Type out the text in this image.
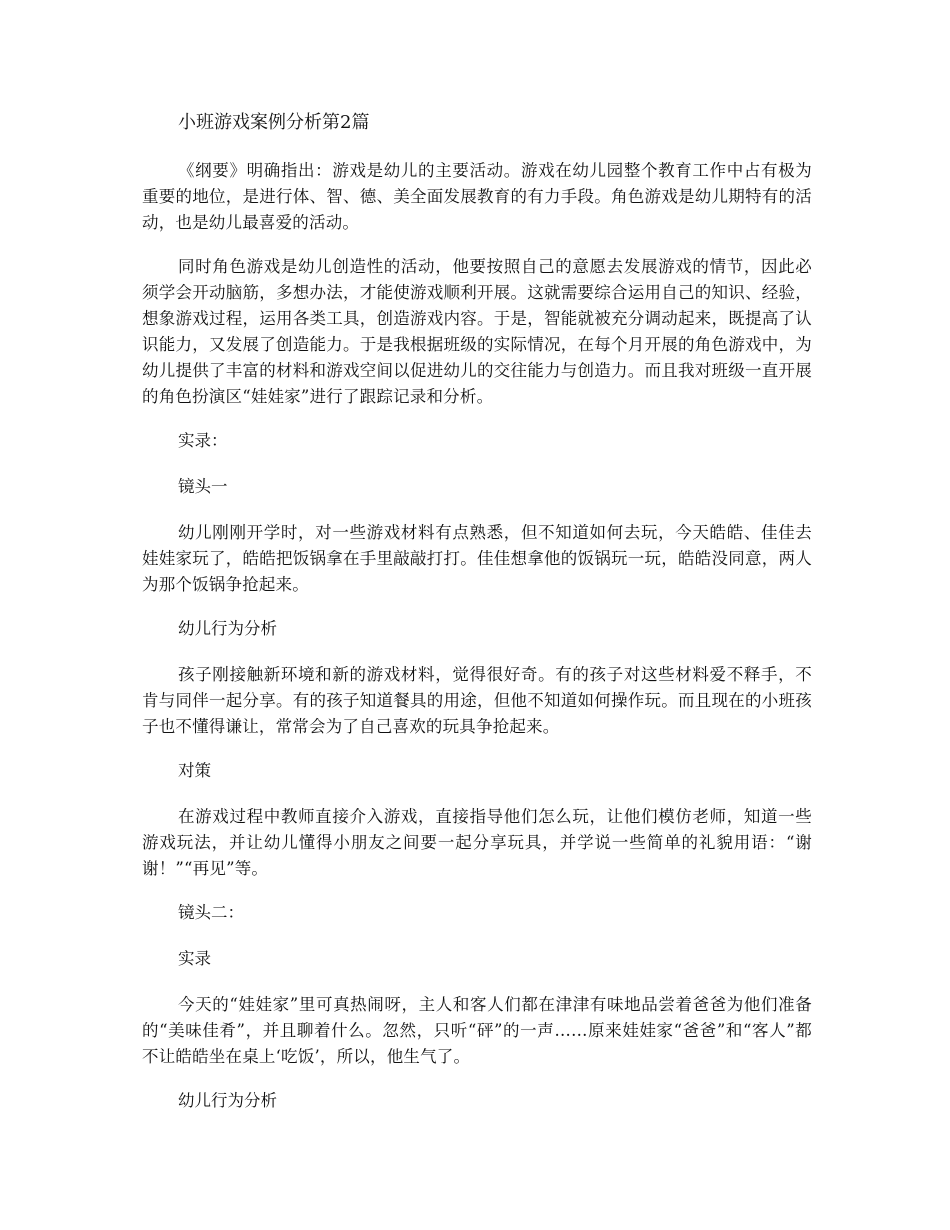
小班游戏案例分析第2篇

《纲要》明确指出：游戏是幼儿的主要活动。游戏在幼儿园整个教育工作中占有极为重要的地位，是进行体、智、德、美全面发展教育的有力手段。角色游戏是幼儿期特有的活动，也是幼儿最喜爱的活动。

同时角色游戏是幼儿创造性的活动，他要按照自己的意愿去发展游戏的情节，因此必须学会开动脑筋，多想办法，才能使游戏顺利开展。这就需要综合运用自己的知识、经验，想象游戏过程，运用各类工具，创造游戏内容。于是，智能就被充分调动起来，既提高了认识能力，又发展了创造能力。于是我根据班级的实际情况，在每个月开展的角色游戏中，为幼儿提供了丰富的材料和游戏空间以促进幼儿的交往能力与创造力。而且我对班级一直开展的角色扮演区“娃娃家”进行了跟踪记录和分析。

实录：
镜头一

幼儿刚刚开学时，对一些游戏材料有点熟悉，但不知道如何去玩，今天皓皓、佳佳去娃娃家玩了，皓皓把饭锅拿在手里敲敲打打。佳佳想拿他的饭锅玩一玩，皓皓没同意，两人为那个饭锅争抢起来。

幼儿行为分析

孩子刚接触新环境和新的游戏材料，觉得很好奇。有的孩子对这些材料爱不释手，不肯与同伴一起分享。有的孩子知道餐具的用途，但他不知道如何操作玩。而且现在的小班孩子也不懂得谦让，常常会为了自己喜欢的玩具争抢起来。

对策

在游戏过程中教师直接介入游戏，直接指导他们怎么玩，让他们模仿老师，知道一些游戏玩法，并让幼儿懂得小朋友之间要一起分享玩具，并学说一些简单的礼貌用语：“谢谢！”“再见”等。

镜头二：
实录

今天的“娃娃家”里可真热闹呀，主人和客人们都在津津有味地品尝着爸爸为他们准备的“美味佳肴”，并且聊着什么。忽然，只听“砰”的一声……原来娃娃家“爸爸”和“客人”都不让皓皓坐在桌上‘吃饭’，所以，他生气了。

幼儿行为分析
